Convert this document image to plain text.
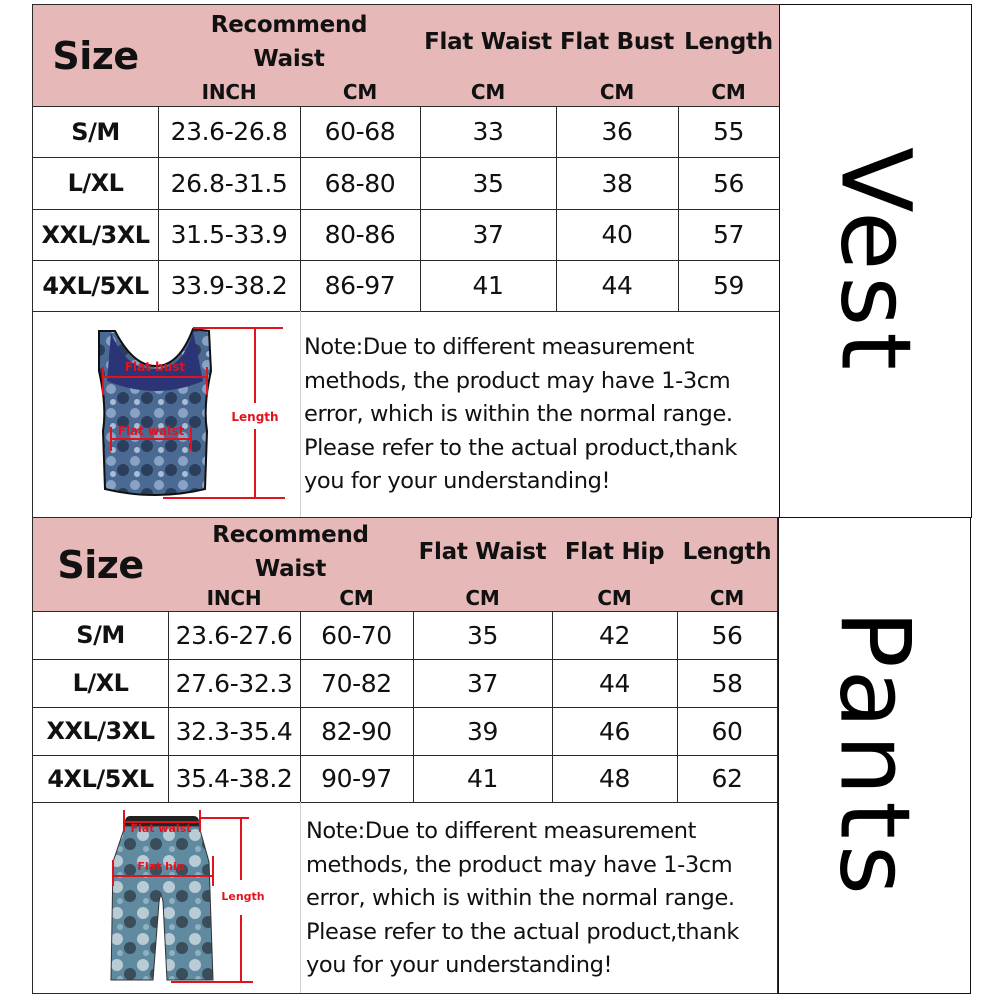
Size
Recommend
Waist
Flat Waist Flat Bust Length
INCH	CM	CM	CM	CM
S/M	23.6-26.8	60-68	33	36	55
L/XL	26.8-31.5	68-80	35	38	56
XXL/3XL 31.5-33.9	80-86	37	40	57
4XL/5XL 33.9-38.2	86-97	41	44	59
Flat bust
Flat waist
Length
Note:Due to different measurement methods, the product may have 1-3cm error, which is within the normal range. Please refer to the actual product,thank you for your understanding!
Vest
Size
Recommend
Waist
Flat Waist Flat Hip Length
INCH	CM	CM	CM	CM
S/M	23.6-27.6	60-70	35	42	56
L/XL	27.6-32.3	70-82	37	44	58
XXL/3XL 32.3-35.4	82-90	39	46	60
4XL/5XL 35.4-38.2	90-97	41	48	62
Flat waist
Flat hip
Length
Note:Due to different measurement methods, the product may have 1-3cm error, which is within the normal range. Please refer to the actual product,thank you for your understanding!
Pants
